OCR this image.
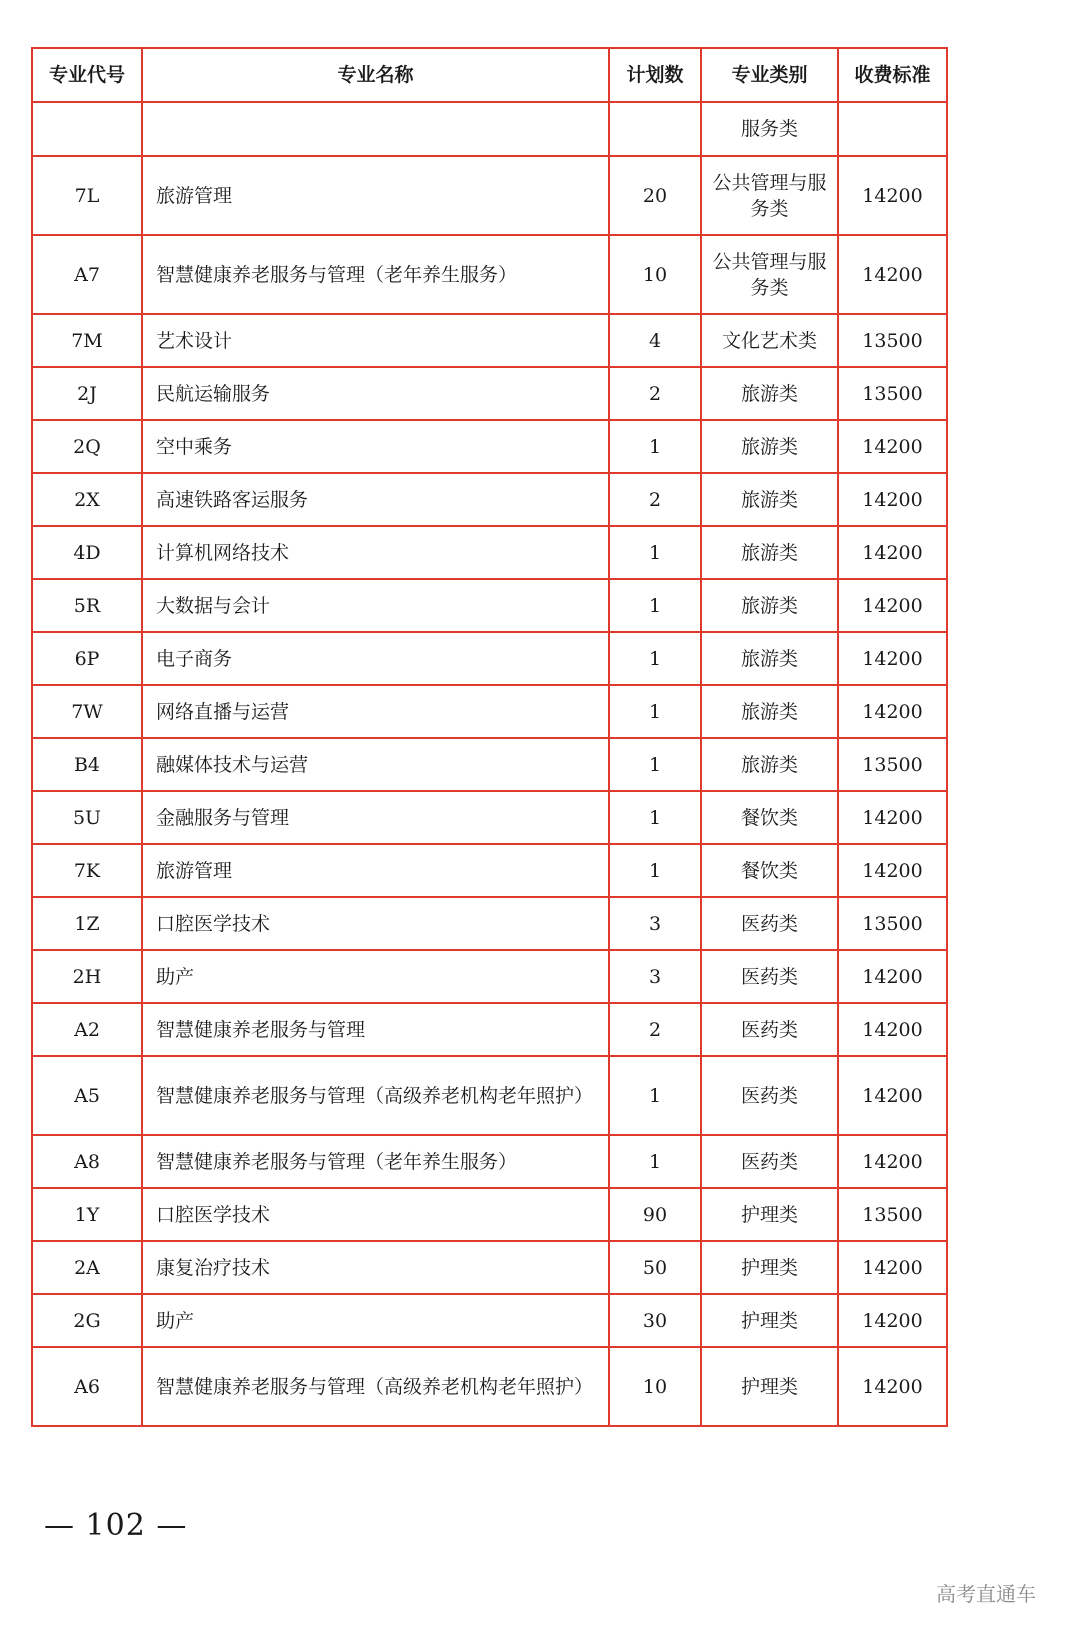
专业代号	专业名称	计划数	专业类别	收费标准
			服务类	
7L	旅游管理	20	公共管理与服务类	14200
A7	智慧健康养老服务与管理（老年养生服务）	10	公共管理与服务类	14200
7M	艺术设计	4	文化艺术类	13500
2J	民航运输服务	2	旅游类	13500
2Q	空中乘务	1	旅游类	14200
2X	高速铁路客运服务	2	旅游类	14200
4D	计算机网络技术	1	旅游类	14200
5R	大数据与会计	1	旅游类	14200
6P	电子商务	1	旅游类	14200
7W	网络直播与运营	1	旅游类	14200
B4	融媒体技术与运营	1	旅游类	13500
5U	金融服务与管理	1	餐饮类	14200
7K	旅游管理	1	餐饮类	14200
1Z	口腔医学技术	3	医药类	13500
2H	助产	3	医药类	14200
A2	智慧健康养老服务与管理	2	医药类	14200
A5	智慧健康养老服务与管理（高级养老机构老年照护）	1	医药类	14200
A8	智慧健康养老服务与管理（老年养生服务）	1	医药类	14200
1Y	口腔医学技术	90	护理类	13500
2A	康复治疗技术	50	护理类	14200
2G	助产	30	护理类	14200
A6	智慧健康养老服务与管理（高级养老机构老年照护）	10	护理类	14200
— 102 —
高考直通车
